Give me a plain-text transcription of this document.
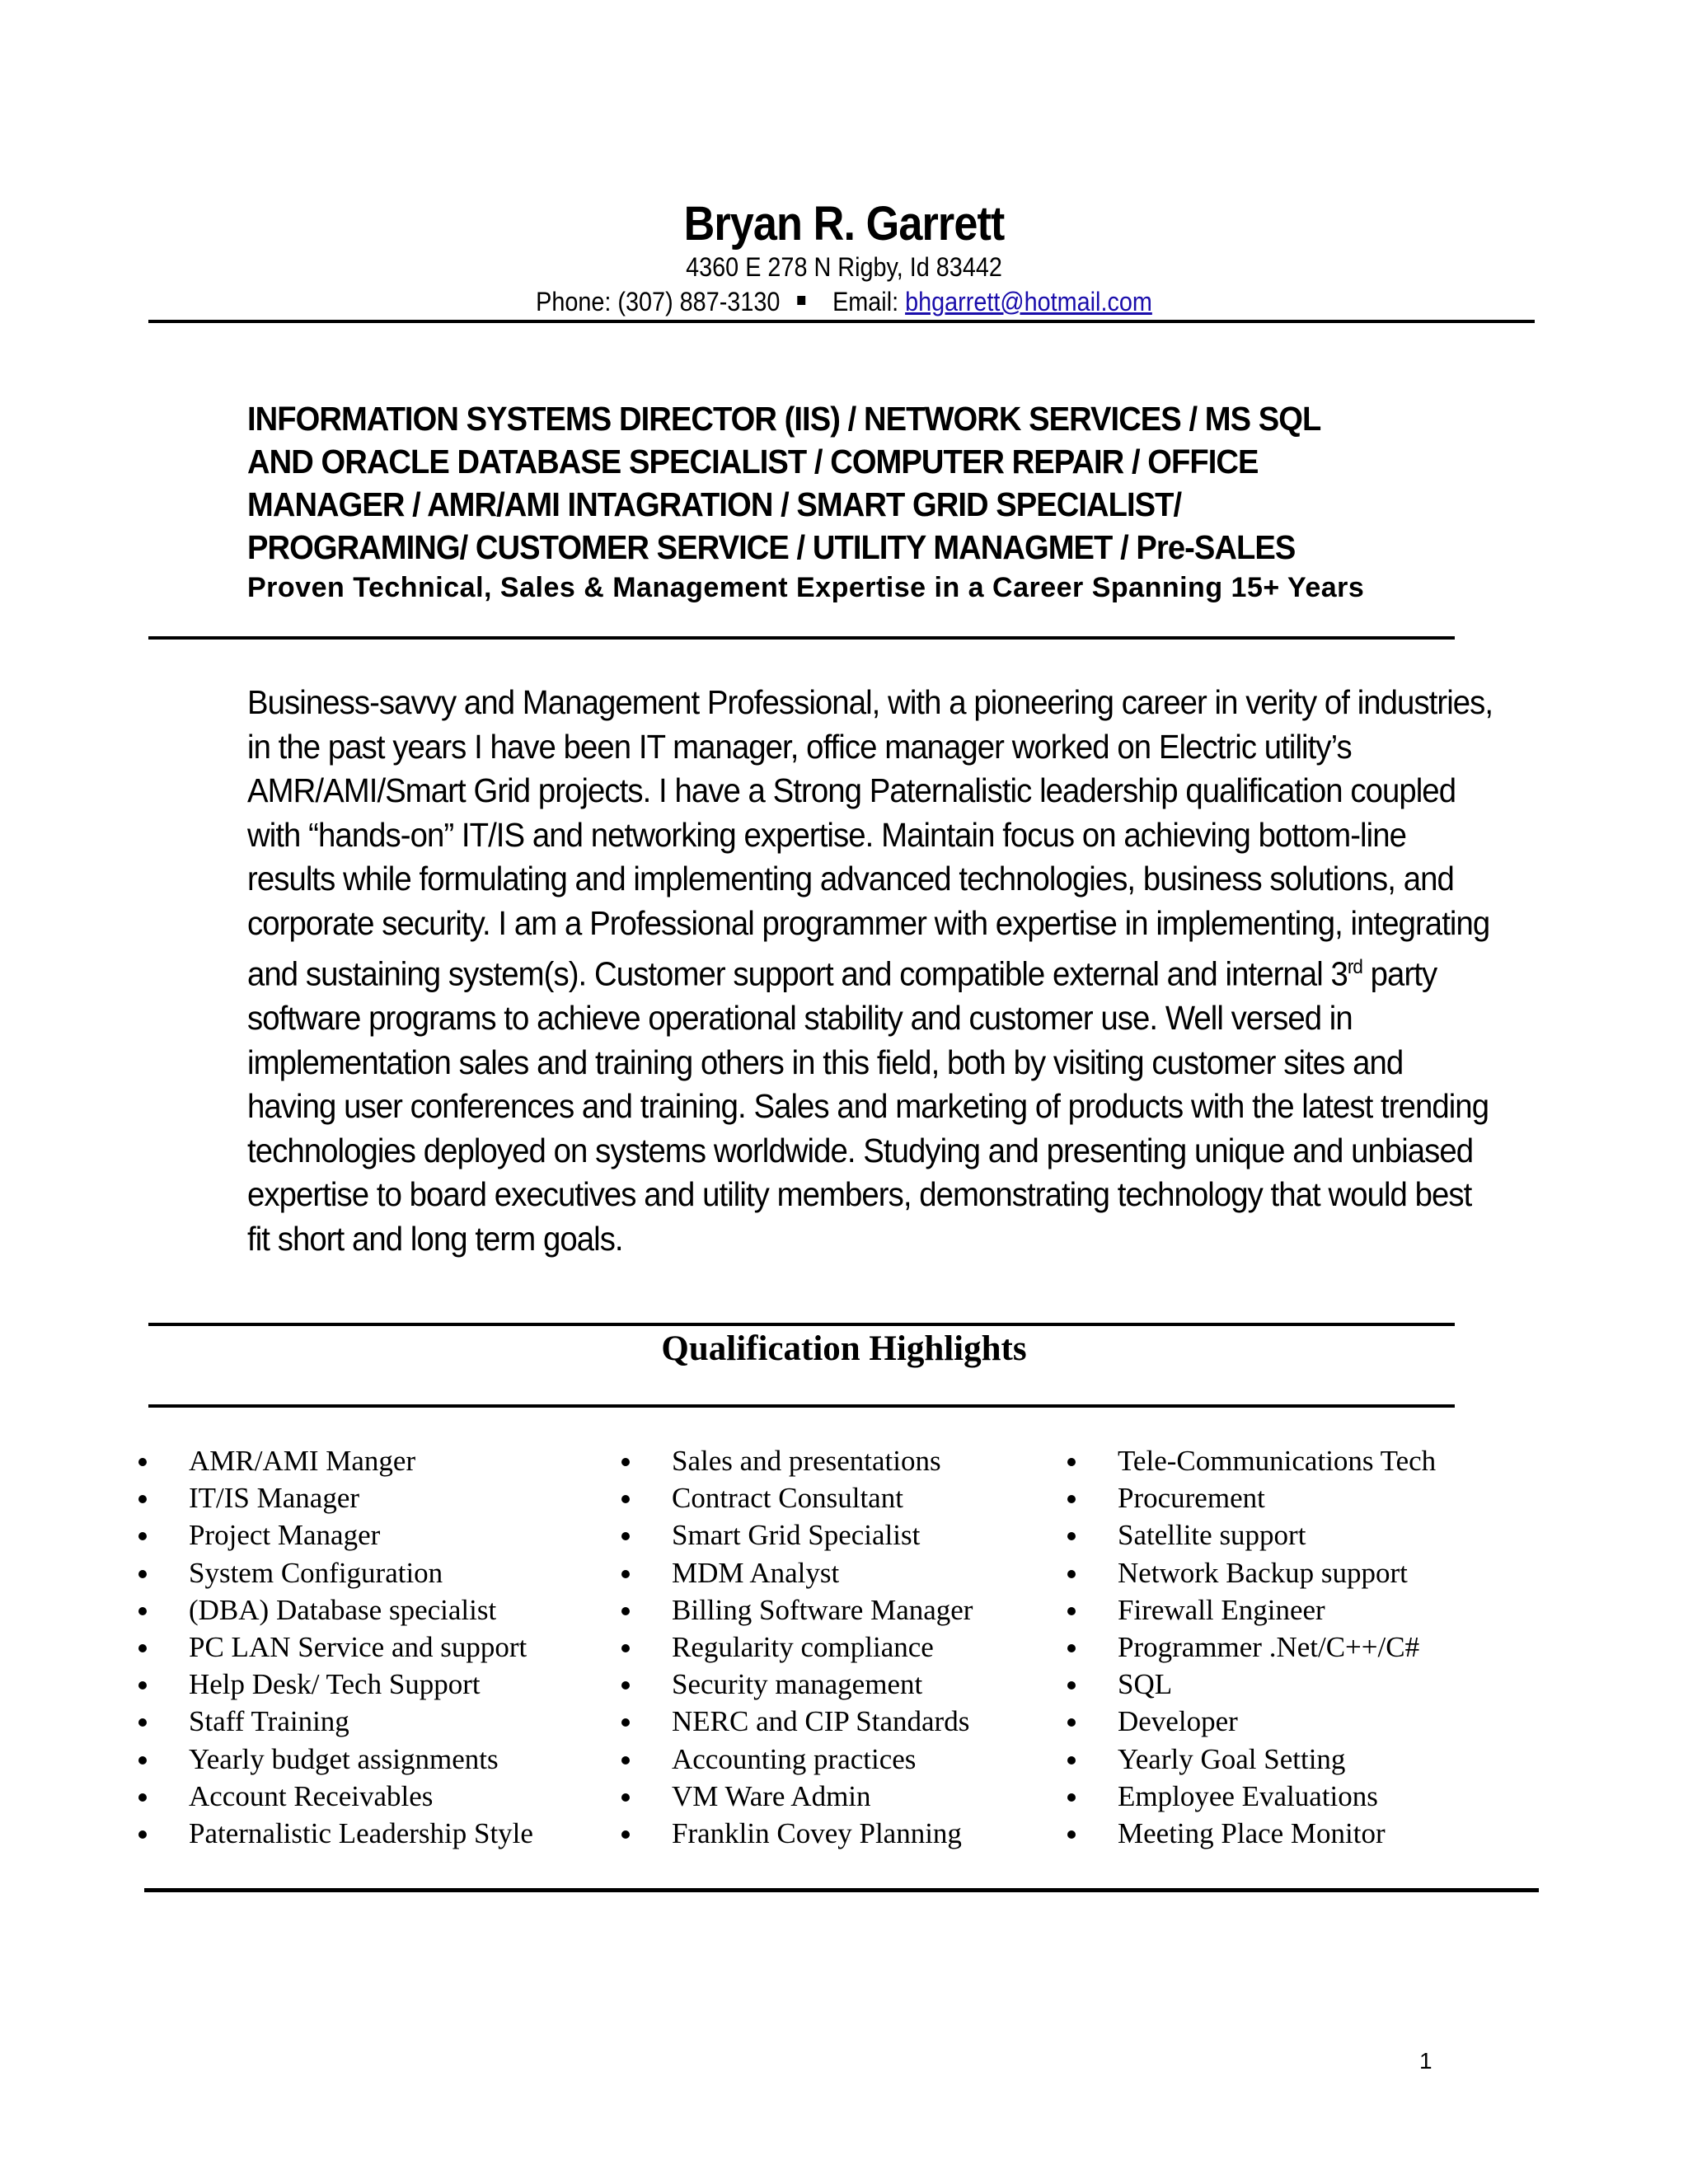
Bryan R. Garrett
4360 E 278 N Rigby, Id 83442
Phone: (307) 887-3130 Email: bhgarrett@hotmail.com
INFORMATION SYSTEMS DIRECTOR (IIS) / NETWORK SERVICES / MS SQL
AND ORACLE DATABASE SPECIALIST / COMPUTER REPAIR / OFFICE
MANAGER / AMR/AMI INTAGRATION / SMART GRID SPECIALIST/
PROGRAMING/ CUSTOMER SERVICE / UTILITY MANAGMET / Pre-SALES
Proven Technical, Sales & Management Expertise in a Career Spanning 15+ Years

Business-savvy and Management Professional, with a pioneering career in verity of industries, in the past years I have been IT manager, office manager worked on Electric utility’s AMR/AMI/Smart Grid projects. I have a Strong Paternalistic leadership qualification coupled with “hands-on” IT/IS and networking expertise. Maintain focus on achieving bottom-line results while formulating and implementing advanced technologies, business solutions, and corporate security. I am a Professional programmer with expertise in implementing, integrating and sustaining system(s). Customer support and compatible external and internal 3rd party software programs to achieve operational stability and customer use. Well versed in implementation sales and training others in this field, both by visiting customer sites and having user conferences and training. Sales and marketing of products with the latest trending technologies deployed on systems worldwide. Studying and presenting unique and unbiased expertise to board executives and utility members, demonstrating technology that would best fit short and long term goals.

Qualification Highlights
AMR/AMI Manger
IT/IS Manager
Project Manager
System Configuration
(DBA) Database specialist
PC LAN Service and support
Help Desk/ Tech Support
Staff Training
Yearly budget assignments
Account Receivables
Paternalistic Leadership Style
Sales and presentations
Contract Consultant
Smart Grid Specialist
MDM Analyst
Billing Software Manager
Regularity compliance
Security management
NERC and CIP Standards
Accounting practices
VM Ware Admin
Franklin Covey Planning
Tele-Communications Tech
Procurement
Satellite support
Network Backup support
Firewall Engineer
Programmer .Net/C++/C#
SQL
Developer
Yearly Goal Setting
Employee Evaluations
Meeting Place Monitor
1
